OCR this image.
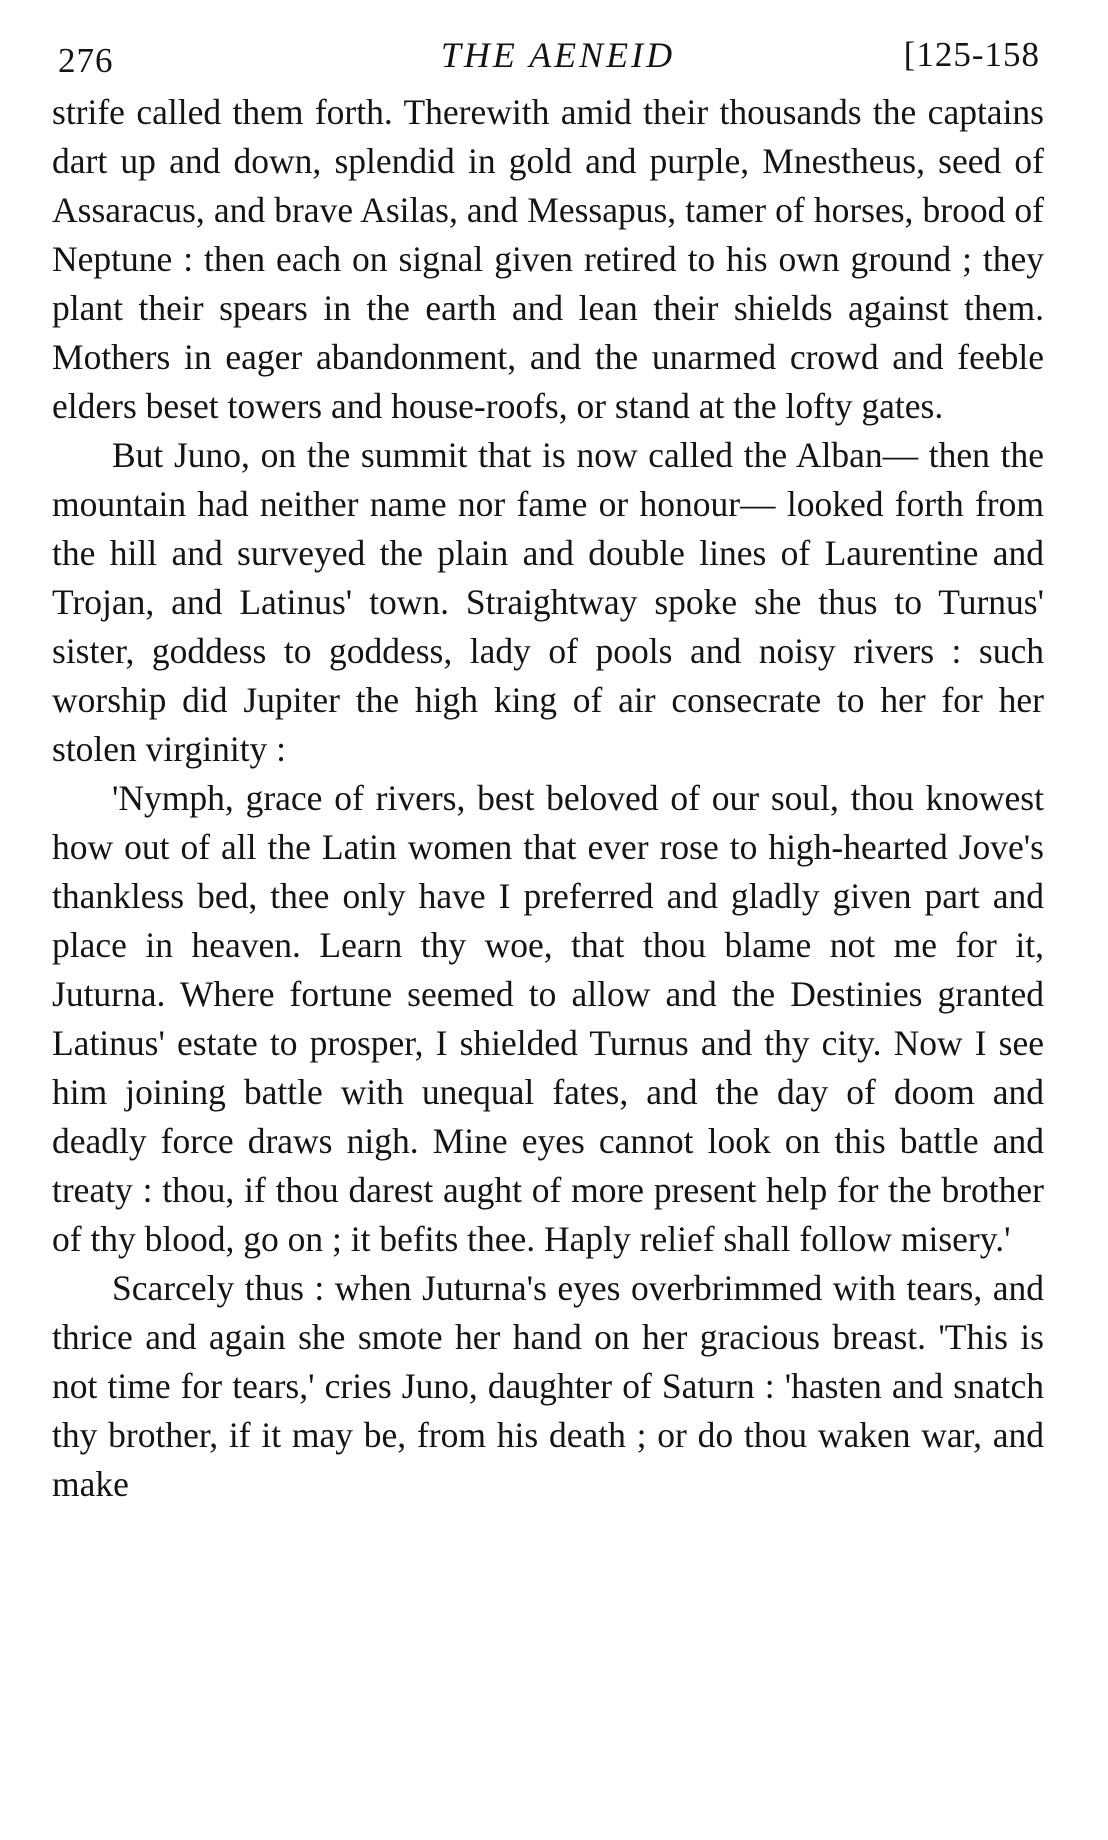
276	THE AENEID	[125-158

strife called them forth. Therewith amid their thousands the captains dart up and down, splendid in gold and purple, Mnestheus, seed of Assaracus, and brave Asilas, and Messapus, tamer of horses, brood of Neptune : then each on signal given retired to his own ground ; they plant their spears in the earth and lean their shields against them. Mothers in eager abandonment, and the unarmed crowd and feeble elders beset towers and house-roofs, or stand at the lofty gates.

But Juno, on the summit that is now called the Alban— then the mountain had neither name nor fame or honour— looked forth from the hill and surveyed the plain and double lines of Laurentine and Trojan, and Latinus' town. Straightway spoke she thus to Turnus' sister, goddess to goddess, lady of pools and noisy rivers : such worship did Jupiter the high king of air consecrate to her for her stolen virginity :

'Nymph, grace of rivers, best beloved of our soul, thou knowest how out of all the Latin women that ever rose to high-hearted Jove's thankless bed, thee only have I preferred and gladly given part and place in heaven. Learn thy woe, that thou blame not me for it, Juturna. Where fortune seemed to allow and the Destinies granted Latinus' estate to prosper, I shielded Turnus and thy city. Now I see him joining battle with unequal fates, and the day of doom and deadly force draws nigh. Mine eyes cannot look on this battle and treaty : thou, if thou darest aught of more present help for the brother of thy blood, go on ; it befits thee. Haply relief shall follow misery.'

Scarcely thus : when Juturna's eyes overbrimmed with tears, and thrice and again she smote her hand on her gracious breast. 'This is not time for tears,' cries Juno, daughter of Saturn : 'hasten and snatch thy brother, if it may be, from his death ; or do thou waken war, and make
